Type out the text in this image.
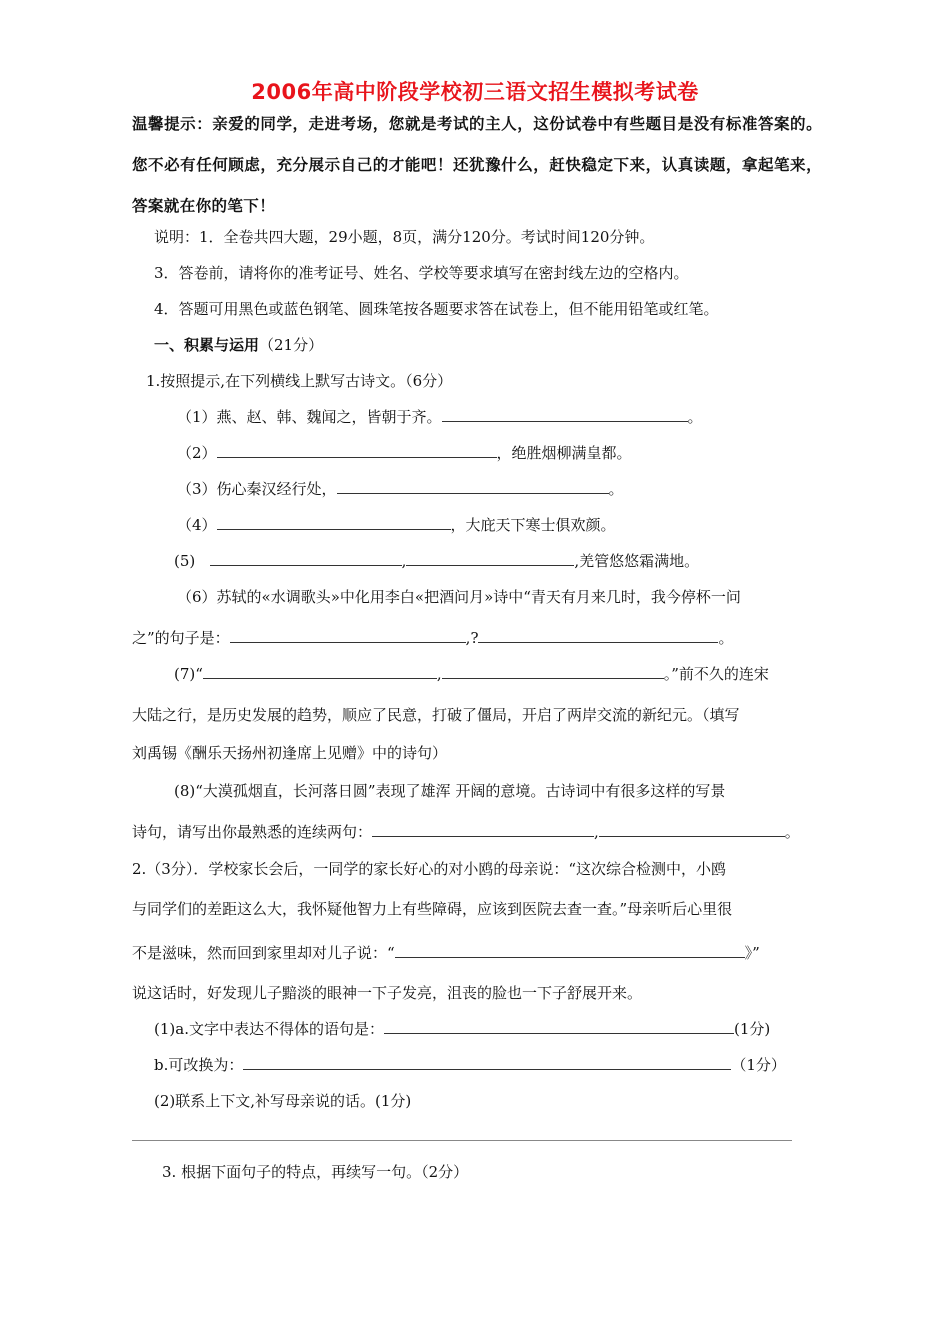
2006年高中阶段学校初三语文招生模拟考试卷
温馨提示：亲爱的同学，走进考场，您就是考试的主人，这份试卷中有些题目是没有标准答案的。您不必有任何顾虑，充分展示自己的才能吧！还犹豫什么，赶快稳定下来，认真读题，拿起笔来，答案就在你的笔下！
说明：1．全卷共四大题，29小题，8页，满分120分。考试时间120分钟。
3．答卷前，请将你的准考证号、姓名、学校等要求填写在密封线左边的空格内。
4．答题可用黑色或蓝色钢笔、圆珠笔按各题要求答在试卷上，但不能用铅笔或红笔。
一、积累与运用（21分）
1.按照提示,在下列横线上默写古诗文。（6分）
（1）燕、赵、韩、魏闻之，皆朝于齐。	。
（2）	，绝胜烟柳满皇都。
（3）伤心秦汉经行处，	。
（4）	，大庇天下寒士俱欢颜。
(5)	,	,羌管悠悠霜满地。
（6）苏轼的«水调歌头»中化用李白«把酒问月»诗中“青天有月来几时，我今停杯一问
之”的句子是：	,?	。
(7)“	,	。”前不久的连宋
大陆之行，是历史发展的趋势，顺应了民意，打破了僵局，开启了两岸交流的新纪元。（填写
刘禹锡《酬乐天扬州初逢席上见赠》中的诗句）
(8)“大漠孤烟直，长河落日圆”表现了雄浑 开阔的意境。古诗词中有很多这样的写景
诗句，请写出你最熟悉的连续两句：	,	。
2.（3分）．学校家长会后，一同学的家长好心的对小鸥的母亲说：“这次综合检测中，小鸥
与同学们的差距这么大，我怀疑他智力上有些障碍，应该到医院去查一查。”母亲听后心里很
不是滋味，然而回到家里却对儿子说：“	》”
说这话时，好发现儿子黯淡的眼神一下子发亮，沮丧的脸也一下子舒展开来。
(1)a.文字中表达不得体的语句是：	(1分)
b.可改换为：	（1分）
(2)联系上下文,补写母亲说的话。(1分)
3. 根据下面句子的特点，再续写一句。（2分）
